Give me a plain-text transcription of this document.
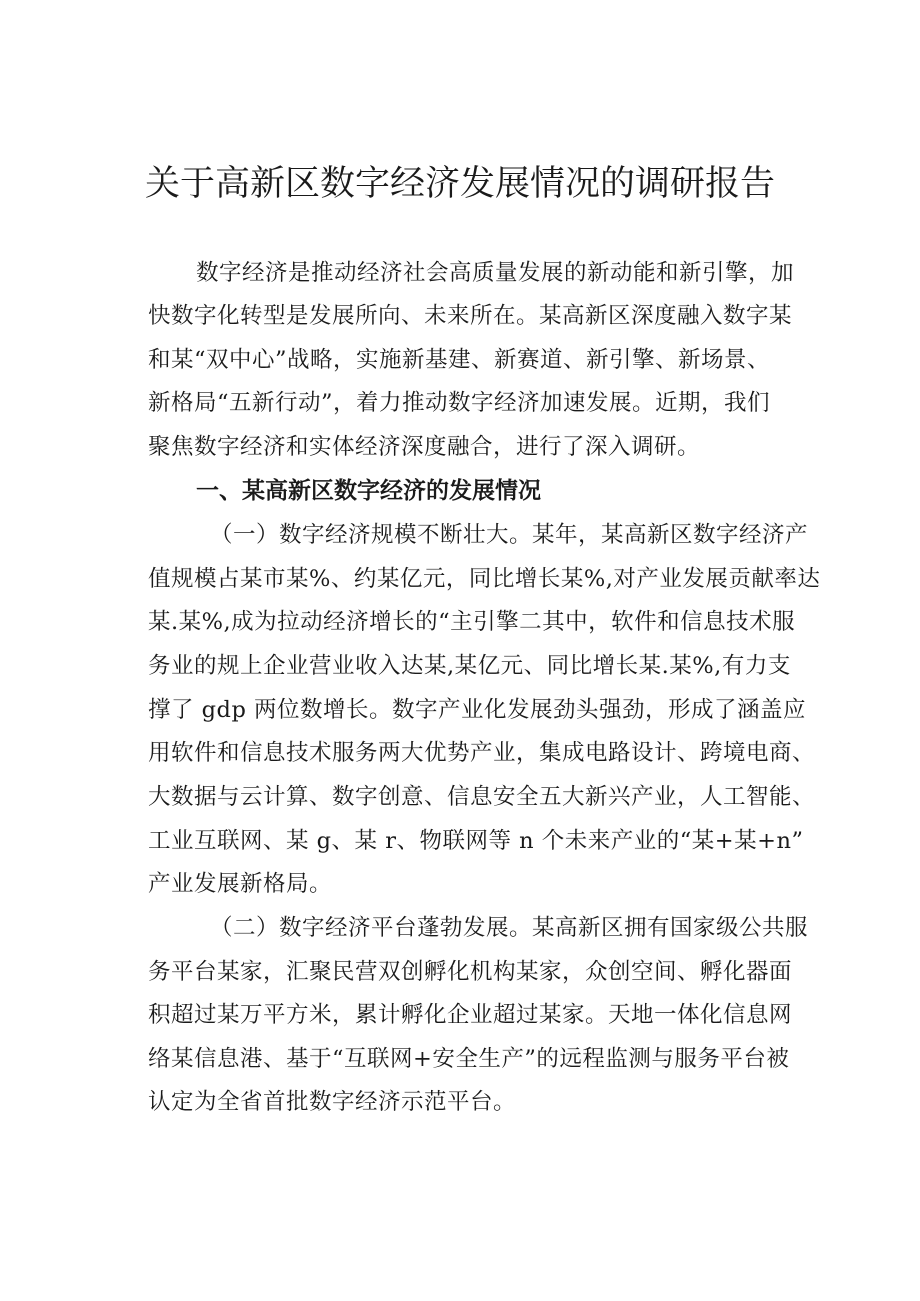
关于高新区数字经济发展情况的调研报告
数字经济是推动经济社会高质量发展的新动能和新引擎，加
快数字化转型是发展所向、未来所在。某高新区深度融入数字某
和某“双中心”战略，实施新基建、新赛道、新引擎、新场景、
新格局“五新行动”，着力推动数字经济加速发展。近期，我们
聚焦数字经济和实体经济深度融合，进行了深入调研。
一、某高新区数字经济的发展情况
（一）数字经济规模不断壮大。某年，某高新区数字经济产
值规模占某市某%、约某亿元，同比增长某%,对产业发展贡献率达
某.某%,成为拉动经济增长的“主引擎二其中，软件和信息技术服
务业的规上企业营业收入达某,某亿元、同比增长某.某%,有力支
撑了 gdp 两位数增长。数字产业化发展劲头强劲，形成了涵盖应
用软件和信息技术服务两大优势产业，集成电路设计、跨境电商、
大数据与云计算、数字创意、信息安全五大新兴产业，人工智能、
工业互联网、某 g、某 r、物联网等 n 个未来产业的“某+某+n”
产业发展新格局。
（二）数字经济平台蓬勃发展。某高新区拥有国家级公共服
务平台某家，汇聚民营双创孵化机构某家，众创空间、孵化器面
积超过某万平方米，累计孵化企业超过某家。天地一体化信息网
络某信息港、基于“互联网+安全生产”的远程监测与服务平台被
认定为全省首批数字经济示范平台。
